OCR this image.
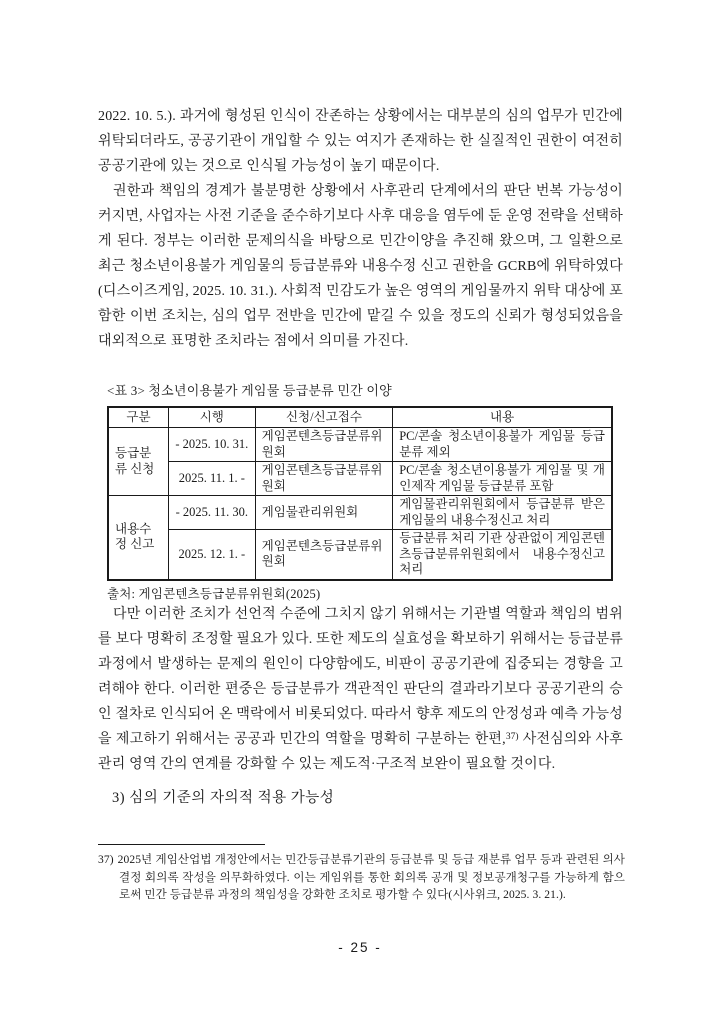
2022. 10. 5.). 과거에 형성된 인식이 잔존하는 상황에서는 대부분의 심의 업무가 민간에 위탁되더라도, 공공기관이 개입할 수 있는 여지가 존재하는 한 실질적인 권한이 여전히 공공기관에 있는 것으로 인식될 가능성이 높기 때문이다.

권한과 책임의 경계가 불분명한 상황에서 사후관리 단계에서의 판단 번복 가능성이 커지면, 사업자는 사전 기준을 준수하기보다 사후 대응을 염두에 둔 운영 전략을 선택하게 된다. 정부는 이러한 문제의식을 바탕으로 민간이양을 추진해 왔으며, 그 일환으로 최근 청소년이용불가 게임물의 등급분류와 내용수정 신고 권한을 GCRB에 위탁하였다(디스이즈게임, 2025. 10. 31.). 사회적 민감도가 높은 영역의 게임물까지 위탁 대상에 포함한 이번 조치는, 심의 업무 전반을 민간에 맡길 수 있을 정도의 신뢰가 형성되었음을 대외적으로 표명한 조치라는 점에서 의미를 가진다.

<표 3> 청소년이용불가 게임물 등급분류 민간 이양
구분	시행	신청/신고접수	내용
등급분류 신청	- 2025. 10. 31.	게임콘텐츠등급분류위원회	PC/콘솔 청소년이용불가 게임물 등급분류 제외
	2025. 11. 1. -	게임콘텐츠등급분류위원회	PC/콘솔 청소년이용불가 게임물 및 개인제작 게임물 등급분류 포함
내용수정 신고	- 2025. 11. 30.	게임물관리위원회	게임물관리위원회에서 등급분류 받은 게임물의 내용수정신고 처리
	2025. 12. 1. -	게임콘텐츠등급분류위원회	등급분류 처리 기관 상관없이 게임콘텐츠등급분류위원회에서 내용수정신고 처리
출처: 게임콘텐츠등급분류위원회(2025)

다만 이러한 조치가 선언적 수준에 그치지 않기 위해서는 기관별 역할과 책임의 범위를 보다 명확히 조정할 필요가 있다. 또한 제도의 실효성을 확보하기 위해서는 등급분류 과정에서 발생하는 문제의 원인이 다양함에도, 비판이 공공기관에 집중되는 경향을 고려해야 한다. 이러한 편중은 등급분류가 객관적인 판단의 결과라기보다 공공기관의 승인 절차로 인식되어 온 맥락에서 비롯되었다. 따라서 향후 제도의 안정성과 예측 가능성을 제고하기 위해서는 공공과 민간의 역할을 명확히 구분하는 한편,$^{37)}$ 사전심의와 사후관리 영역 간의 연계를 강화할 수 있는 제도적·구조적 보완이 필요할 것이다.

3) 심의 기준의 자의적 적용 가능성

37) 2025년 게임산업법 개정안에서는 민간등급분류기관의 등급분류 및 등급 재분류 업무 등과 관련된 의사 결정 회의록 작성을 의무화하였다. 이는 게임위를 통한 회의록 공개 및 정보공개청구를 가능하게 함으로써 민간 등급분류 과정의 책임성을 강화한 조치로 평가할 수 있다(시사위크, 2025. 3. 21.).

- 25 -
